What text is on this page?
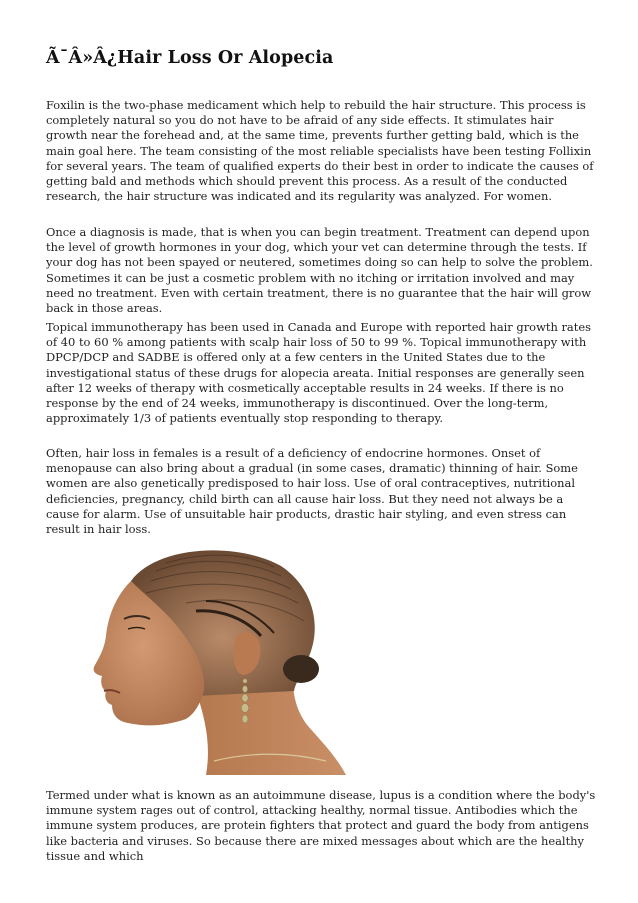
Ã¯Â»Â¿Hair Loss Or Alopecia

Foxilin is the two-phase medicament which help to rebuild the hair structure. This process is completely natural so you do not have to be afraid of any side effects. It stimulates hair growth near the forehead and, at the same time, prevents further getting bald, which is the main goal here. The team consisting of the most reliable specialists have been testing Follixin for several years. The team of qualified experts do their best in order to indicate the causes of getting bald and methods which should prevent this process. As a result of the conducted research, the hair structure was indicated and its regularity was analyzed. For women.

Once a diagnosis is made, that is when you can begin treatment. Treatment can depend upon the level of growth hormones in your dog, which your vet can determine through the tests. If your dog has not been spayed or neutered, sometimes doing so can help to solve the problem. Sometimes it can be just a cosmetic problem with no itching or irritation involved and may need no treatment. Even with certain treatment, there is no guarantee that the hair will grow back in those areas.

Topical immunotherapy has been used in Canada and Europe with reported hair growth rates of 40 to 60 % among patients with scalp hair loss of 50 to 99 %. Topical immunotherapy with DPCP/DCP and SADBE is offered only at a few centers in the United States due to the investigational status of these drugs for alopecia areata. Initial responses are generally seen after 12 weeks of therapy with cosmetically acceptable results in 24 weeks. If there is no response by the end of 24 weeks, immunotherapy is discontinued. Over the long-term, approximately 1/3 of patients eventually stop responding to therapy.

Often, hair loss in females is a result of a deficiency of endocrine hormones. Onset of menopause can also bring about a gradual (in some cases, dramatic) thinning of hair. Some women are also genetically predisposed to hair loss. Use of oral contraceptives, nutritional deficiencies, pregnancy, child birth can all cause hair loss. But they need not always be a cause for alarm. Use of unsuitable hair products, drastic hair styling, and even stress can result in hair loss.

Termed under what is known as an autoimmune disease, lupus is a condition where the body's immune system rages out of control, attacking healthy, normal tissue. Antibodies which the immune system produces, are protein fighters that protect and guard the body from antigens like bacteria and viruses. So because there are mixed messages about which are the healthy tissue and which
